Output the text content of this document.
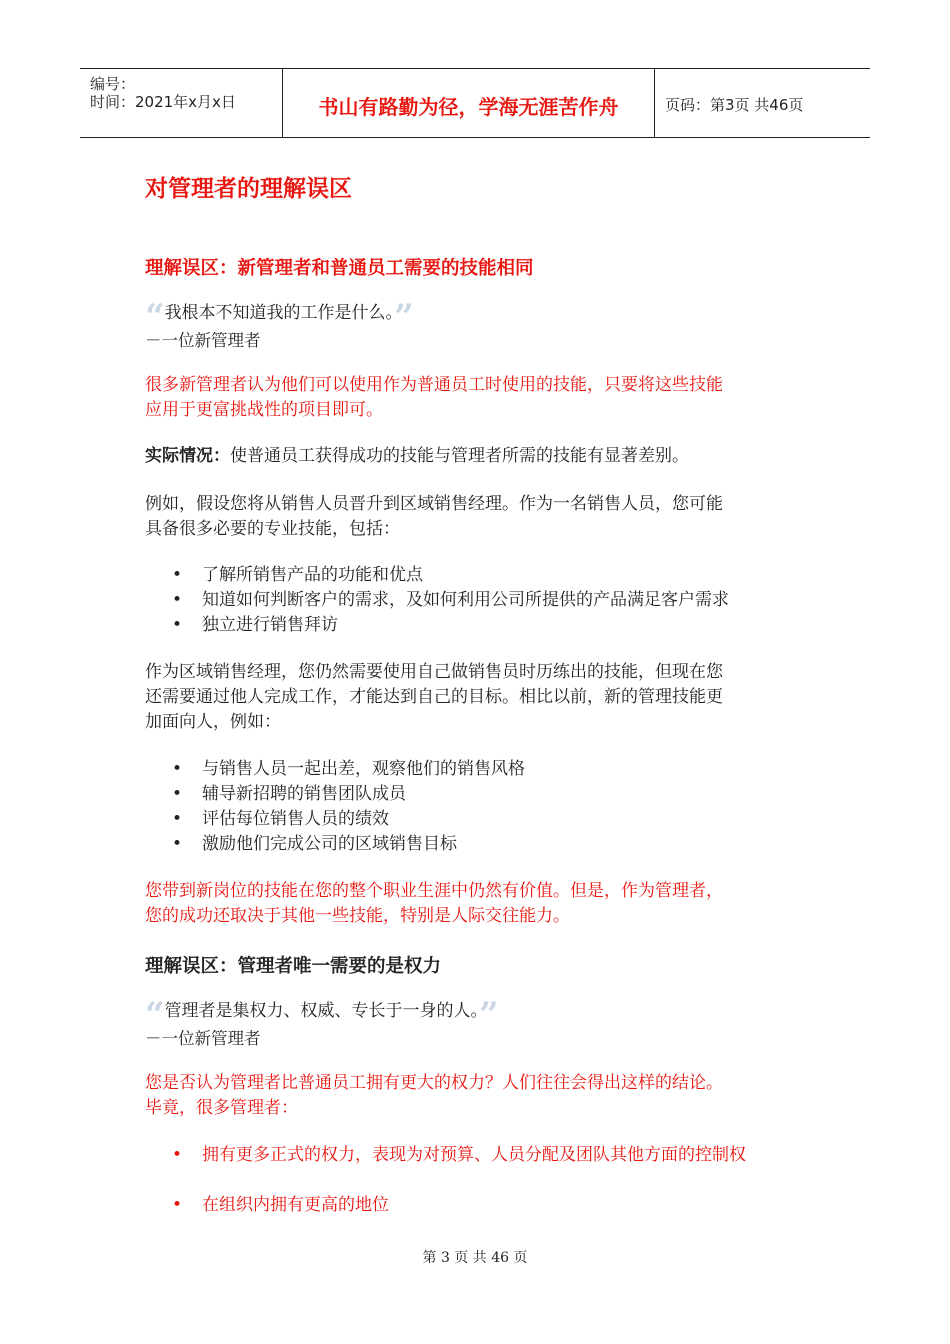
编号：
时间：2021年x月x日	书山有路勤为径，学海无涯苦作舟	页码：第3页 共46页
对管理者的理解误区
理解误区：新管理者和普通员工需要的技能相同
“我根本不知道我的工作是什么。”
－一位新管理者
很多新管理者认为他们可以使用作为普通员工时使用的技能，只要将这些技能
应用于更富挑战性的项目即可。
实际情况：使普通员工获得成功的技能与管理者所需的技能有显著差别。
例如，假设您将从销售人员晋升到区域销售经理。作为一名销售人员，您可能
具备很多必要的专业技能，包括：
•	了解所销售产品的功能和优点
•	知道如何判断客户的需求，及如何利用公司所提供的产品满足客户需求
•	独立进行销售拜访
作为区域销售经理，您仍然需要使用自己做销售员时历练出的技能，但现在您
还需要通过他人完成工作，才能达到自己的目标。相比以前，新的管理技能更
加面向人，例如：
•	与销售人员一起出差，观察他们的销售风格
•	辅导新招聘的销售团队成员
•	评估每位销售人员的绩效
•	激励他们完成公司的区域销售目标
您带到新岗位的技能在您的整个职业生涯中仍然有价值。但是，作为管理者，
您的成功还取决于其他一些技能，特别是人际交往能力。
理解误区：管理者唯一需要的是权力
“管理者是集权力、权威、专长于一身的人。”
－一位新管理者
您是否认为管理者比普通员工拥有更大的权力？人们往往会得出这样的结论。
毕竟，很多管理者：
•	拥有更多正式的权力，表现为对预算、人员分配及团队其他方面的控制权
•	在组织内拥有更高的地位
第 3 页 共 46 页
